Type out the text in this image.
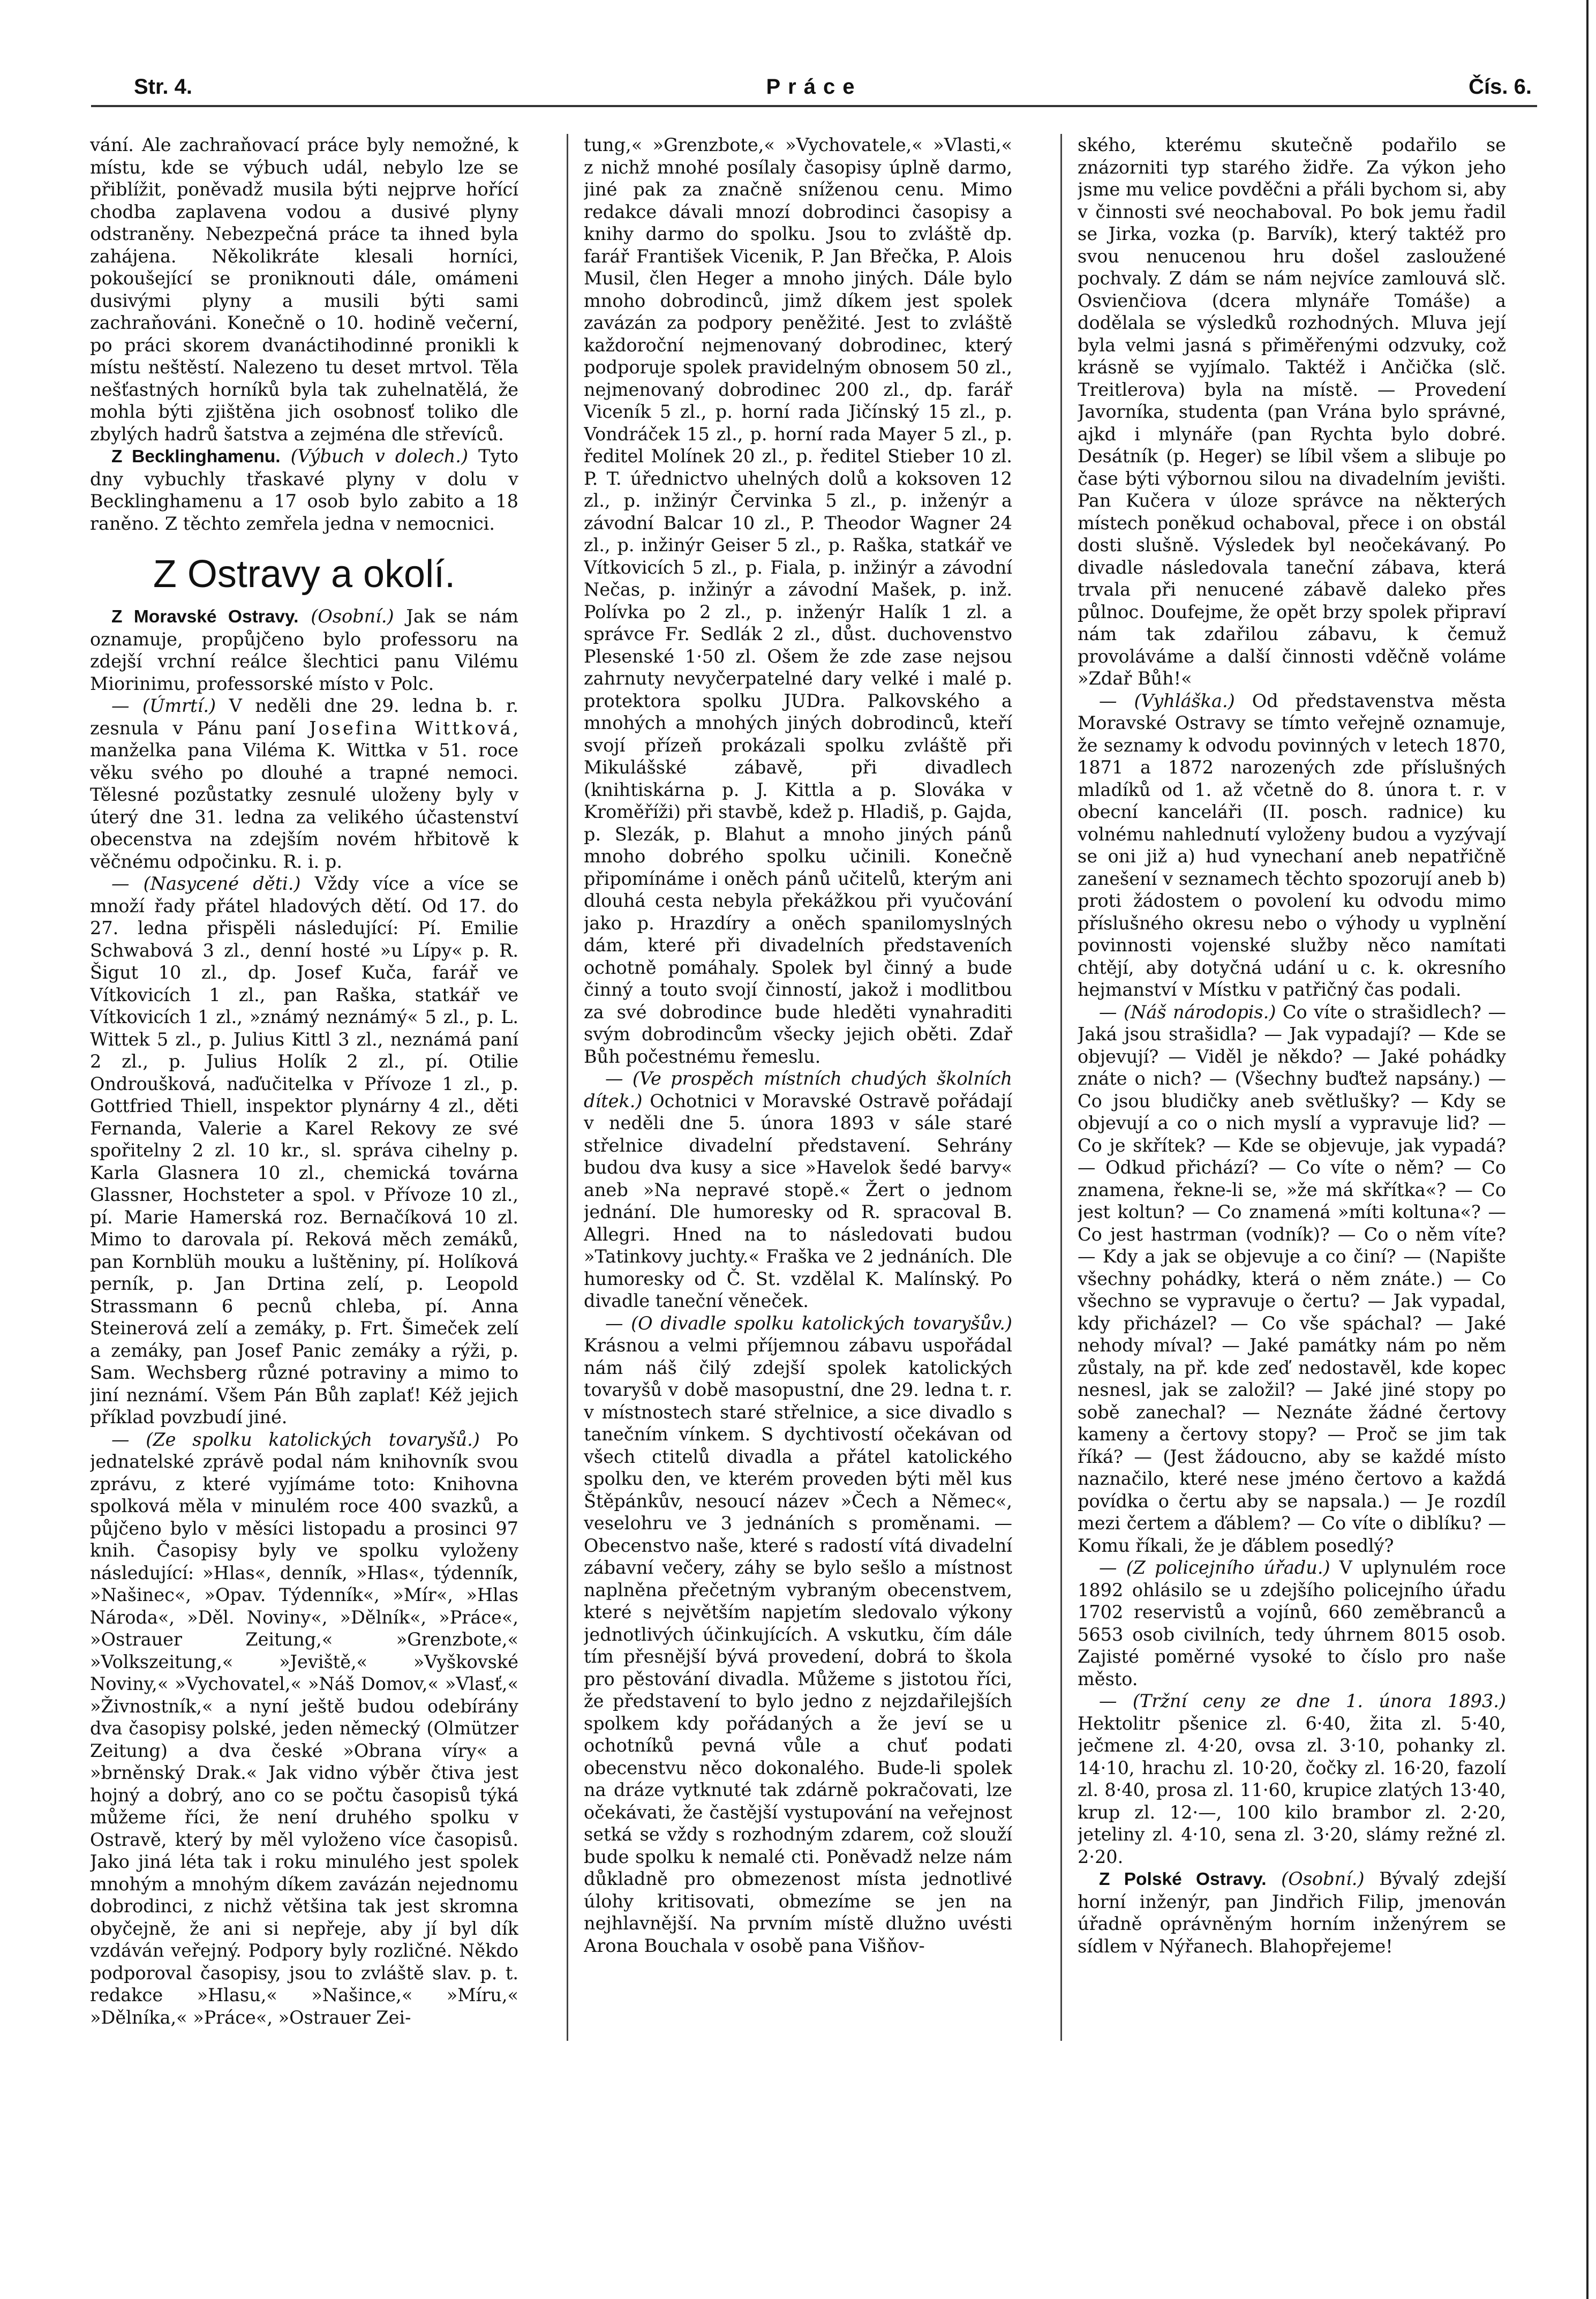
Str. 4.	Práce	Čís. 6.

vání. Ale zachraňovací práce byly nemožné, k místu, kde se výbuch udál, nebylo lze se přiblížit, poněvadž musila býti nejprve hořící chodba zaplavena vodou a dusivé plyny odstraněny. Nebezpečná práce ta ihned byla zahájena. Několikráte klesali horníci, pokoušející se proniknouti dále, omámeni dusivými plyny a musili býti sami zachraňováni. Konečně o 10. hodině večerní, po práci skorem dvanáctihodinné pronikli k místu neštěstí. Nalezeno tu deset mrtvol. Těla nešťastných horníků byla tak zuhelnatělá, že mohla býti zjištěna jich osobnosť toliko dle zbylých hadrů šatstva a zejména dle střevíců.

Z Becklinghamenu. (Výbuch v dolech.) Tyto dny vybuchly třaskavé plyny v dolu v Becklinghamenu a 17 osob bylo zabito a 18 raněno. Z těchto zemřela jedna v nemocnici.

Z Ostravy a okolí.

Z Moravské Ostravy. (Osobní.) Jak se nám oznamuje, propůjčeno bylo professoru na zdejší vrchní reálce šlechtici panu Vilému Miorinimu, professorské místo v Polc.

— (Úmrtí.) V neděli dne 29. ledna b. r. zesnula v Pánu paní Josefina Wittková, manželka pana Viléma K. Wittka v 51. roce věku svého po dlouhé a trapné nemoci. Tělesné pozůstatky zesnulé uloženy byly v úterý dne 31. ledna za velikého účastenství obecenstva na zdejším novém hřbitově k věčnému odpočinku. R. i. p.

— (Nasycené děti.) Vždy více a více se množí řady přátel hladových dětí. Od 17. do 27. ledna přispěli následující: Pí. Emilie Schwabová 3 zl., denní hosté »u Lípy« p. R. Šigut 10 zl., dp. Josef Kuča, farář ve Vítkovicích 1 zl., pan Raška, statkář ve Vítkovicích 1 zl., »známý neznámý« 5 zl., p. L. Wittek 5 zl., p. Julius Kittl 3 zl., neznámá paní 2 zl., p. Julius Holík 2 zl., pí. Otilie Ondroušková, naďučitelka v Přívoze 1 zl., p. Gottfried Thiell, inspektor plynárny 4 zl., děti Fernanda, Valerie a Karel Rekovy ze své spořitelny 2 zl. 10 kr., sl. správa cihelny p. Karla Glasnera 10 zl., chemická továrna Glassner, Hochsteter a spol. v Přívoze 10 zl., pí. Marie Hamerská roz. Bernačíková 10 zl. Mimo to darovala pí. Reková měch zemáků, pan Kornblüh mouku a luštěniny, pí. Holíková perník, p. Jan Drtina zelí, p. Leopold Strassmann 6 pecnů chleba, pí. Anna Steinerová zelí a zemáky, p. Frt. Šimeček zelí a zemáky, pan Josef Panic zemáky a rýži, p. Sam. Wechsberg různé potraviny a mimo to jiní neznámí. Všem Pán Bůh zaplať! Kéž jejich příklad povzbudí jiné.

— (Ze spolku katolických tovaryšů.) Po jednatelské zprávě podal nám knihovník svou zprávu, z které vyjímáme toto: Knihovna spolková měla v minulém roce 400 svazků, a půjčeno bylo v měsíci listopadu a prosinci 97 knih. Časopisy byly ve spolku vyloženy následující: »Hlas«, denník, »Hlas«, týdenník, »Našinec«, »Opav. Týdenník«, »Mír«, »Hlas Národa«, »Děl. Noviny«, »Dělník«, »Práce«, »Ostrauer Zeitung,« »Grenzbote,« »Volkszeitung,« »Jeviště,« »Vyškovské Noviny,« »Vychovatel,« »Náš Domov,« »Vlasť,« »Živnostník,« a nyní ještě budou odebírány dva časopisy polské, jeden německý (Olmützer Zeitung) a dva české »Obrana víry« a »brněnský Drak.« Jak vidno výběr čtiva jest hojný a dobrý, ano co se počtu časopisů týká můžeme říci, že není druhého spolku v Ostravě, který by měl vyloženo více časopisů. Jako jiná léta tak i roku minulého jest spolek mnohým a mnohým díkem zavázán nejednomu dobrodinci, z nichž většina tak jest skromna obyčejně, že ani si nepřeje, aby jí byl dík vzdáván veřejný. Podpory byly rozličné. Někdo podporoval časopisy, jsou to zvláště slav. p. t. redakce »Hlasu,« »Našince,« »Míru,« »Dělníka,« »Práce«, »Ostrauer Zei-

tung,« »Grenzbote,« »Vychovatele,« »Vlasti,« z nichž mnohé posílaly časopisy úplně darmo, jiné pak za značně sníženou cenu. Mimo redakce dávali mnozí dobrodinci časopisy a knihy darmo do spolku. Jsou to zvláště dp. farář František Vicenik, P. Jan Břečka, P. Alois Musil, člen Heger a mnoho jiných. Dále bylo mnoho dobrodinců, jimž díkem jest spolek zavázán za podpory peněžité. Jest to zvláště každoroční nejmenovaný dobrodinec, který podporuje spolek pravidelným obnosem 50 zl., nejmenovaný dobrodinec 200 zl., dp. farář Viceník 5 zl., p. horní rada Jičínský 15 zl., p. Vondráček 15 zl., p. horní rada Mayer 5 zl., p. ředitel Molínek 20 zl., p. ředitel Stieber 10 zl. P. T. úřednictvo uhelných dolů a koksoven 12 zl., p. inžinýr Červinka 5 zl., p. inženýr a závodní Balcar 10 zl., P. Theodor Wagner 24 zl., p. inžinýr Geiser 5 zl., p. Raška, statkář ve Vítkovicích 5 zl., p. Fiala, p. inžinýr a závodní Nečas, p. inžinýr a závodní Mašek, p. inž. Polívka po 2 zl., p. inženýr Halík 1 zl. a správce Fr. Sedlák 2 zl., důst. duchovenstvo Plesenské 1·50 zl. Ošem že zde zase nejsou zahrnuty nevyčerpatelné dary velké i malé p. protektora spolku JUDra. Palkovského a mnohých a mnohých jiných dobrodinců, kteří svojí přízeň prokázali spolku zvláště při Mikulášské zábavě, při divadlech (knihtiskárna p. J. Kittla a p. Slováka v Kroměříži) při stavbě, kdež p. Hladiš, p. Gajda, p. Slezák, p. Blahut a mnoho jiných pánů mnoho dobrého spolku učinili. Konečně připomínáme i oněch pánů učitelů, kterým ani dlouhá cesta nebyla překážkou při vyučování jako p. Hrazdíry a oněch spanilomyslných dám, které při divadelních představeních ochotně pomáhaly. Spolek byl činný a bude činný a touto svojí činností, jakož i modlitbou za své dobrodince bude hleděti vynahraditi svým dobrodincům všecky jejich oběti. Zdař Bůh počestnému řemeslu.

— (Ve prospěch místních chudých školních dítek.) Ochotnici v Moravské Ostravě pořádají v neděli dne 5. února 1893 v sále staré střelnice divadelní představení. Sehrány budou dva kusy a sice »Havelok šedé barvy« aneb »Na nepravé stopě.« Žert o jednom jednání. Dle humoresky od R. spracoval B. Allegri. Hned na to následovati budou »Tatinkovy juchty.« Fraška ve 2 jednáních. Dle humoresky od Č. St. vzdělal K. Malínský. Po divadle taneční věneček.

— (O divadle spolku katolických tovaryšův.) Krásnou a velmi příjemnou zábavu uspořádal nám náš čilý zdejší spolek katolických tovaryšů v době masopustní, dne 29. ledna t. r. v místnostech staré střelnice, a sice divadlo s tanečním vínkem. S dychtivostí očekávan od všech ctitelů divadla a přátel katolického spolku den, ve kterém proveden býti měl kus Štěpánkův, nesoucí název »Čech a Němec«, veselohru ve 3 jednáních s proměnami. — Obecenstvo naše, které s radostí vítá divadelní zábavní večery, záhy se bylo sešlo a místnost naplněna přečetným vybraným obecenstvem, které s největším napjetím sledovalo výkony jednotlivých účinkujících. A vskutku, čím dále tím přesnější bývá provedení, dobrá to škola pro pěstování divadla. Můžeme s jistotou říci, že představení to bylo jedno z nejzdařilejších spolkem kdy pořádaných a že jeví se u ochotníků pevná vůle a chuť podati obecenstvu něco dokonalého. Bude-li spolek na dráze vytknuté tak zdárně pokračovati, lze očekávati, že častější vystupování na veřejnost setká se vždy s rozhodným zdarem, což slouží bude spolku k nemalé cti. Poněvadž nelze nám důkladně pro obmezenost místa jednotlivé úlohy kritisovati, obmezíme se jen na nejhlavnější. Na prvním místě dlužno uvésti Arona Bouchala v osobě pana Višňov-

ského, kterému skutečně podařilo se znázorniti typ starého židře. Za výkon jeho jsme mu velice povděčni a přáli bychom si, aby v činnosti své neochaboval. Po bok jemu řadil se Jirka, vozka (p. Barvík), který taktéž pro svou nenucenou hru došel zasloužené pochvaly. Z dám se nám nejvíce zamlouvá slč. Osvienčiova (dcera mlynáře Tomáše) a dodělala se výsledků rozhodných. Mluva její byla velmi jasná s přiměřenými odzvuky, což krásně se vyjímalo. Taktéž i Ančička (slč. Treitlerova) byla na místě. — Provedení Javorníka, studenta (pan Vrána bylo správné, ajkd i mlynáře (pan Rychta bylo dobré. Desátník (p. Heger) se líbil všem a slibuje po čase býti výbornou silou na divadelním jevišti. Pan Kučera v úloze správce na některých místech poněkud ochaboval, přece i on obstál dosti slušně. Výsledek byl neočekávaný. Po divadle následovala taneční zábava, která trvala při nenucené zábavě daleko přes půlnoc. Doufejme, že opět brzy spolek připraví nám tak zdařilou zábavu, k čemuž provoláváme a další činnosti vděčně voláme »Zdař Bůh!«

— (Vyhláška.) Od představenstva města Moravské Ostravy se tímto veřejně oznamuje, že seznamy k odvodu povinných v letech 1870, 1871 a 1872 narozených zde příslušných mladíků od 1. až včetně do 8. února t. r. v obecní kanceláři (II. posch. radnice) ku volnému nahlednutí vyloženy budou a vyzývají se oni již a) hud vynechaní aneb nepatřičně zanešení v seznamech těchto spozorují aneb b) proti žádostem o povolení ku odvodu mimo příslušného okresu nebo o výhody u vyplnění povinnosti vojenské služby něco namítati chtějí, aby dotyčná udání u c. k. okresního hejmanství v Místku v patřičný čas podali.

— (Náš národopis.) Co víte o strašidlech? — Jaká jsou strašidla? — Jak vypadají? — Kde se objevují? — Viděl je někdo? — Jaké pohádky znáte o nich? — (Všechny buďtež napsány.) — Co jsou bludičky aneb světlušky? — Kdy se objevují a co o nich myslí a vypravuje lid? — Co je skřítek? — Kde se objevuje, jak vypadá? — Odkud přichází? — Co víte o něm? — Co znamena, řekne-li se, »že má skřítka«? — Co jest koltun? — Co znamená »míti koltuna«? — Co jest hastrman (vodník)? — Co o něm víte? — Kdy a jak se objevuje a co činí? — (Napište všechny pohádky, která o něm znáte.) — Co všechno se vypravuje o čertu? — Jak vypadal, kdy přicházel? — Co vše spáchal? — Jaké nehody míval? — Jaké památky nám po něm zůstaly, na př. kde zeď nedostavěl, kde kopec nesnesl, jak se založil? — Jaké jiné stopy po sobě zanechal? — Neznáte žádné čertovy kameny a čertovy stopy? — Proč se jim tak říká? — (Jest žádoucno, aby se každé místo naznačilo, které nese jméno čertovo a každá povídka o čertu aby se napsala.) — Je rozdíl mezi čertem a ďáblem? — Co víte o diblíku? — Komu říkali, že je ďáblem posedlý?

— (Z policejního úřadu.) V uplynulém roce 1892 ohlásilo se u zdejšího policejního úřadu 1702 reservistů a vojínů, 660 zeměbranců a 5653 osob civilních, tedy úhrnem 8015 osob. Zajisté poměrné vysoké to číslo pro naše město.

— (Tržní ceny ze dne 1. února 1893.) Hektolitr pšenice zl. 6·40, žita zl. 5·40, ječmene zl. 4·20, ovsa zl. 3·10, pohanky zl. 14·10, hrachu zl. 10·20, čočky zl. 16·20, fazolí zl. 8·40, prosa zl. 11·60, krupice zlatých 13·40, krup zl. 12·—, 100 kilo brambor zl. 2·20, jeteliny zl. 4·10, sena zl. 3·20, slámy režné zl. 2·20.

Z Polské Ostravy. (Osobní.) Bývalý zdejší horní inženýr, pan Jindřich Filip, jmenován úřadně oprávněným horním inženýrem se sídlem v Nýřanech. Blahopřejeme!
